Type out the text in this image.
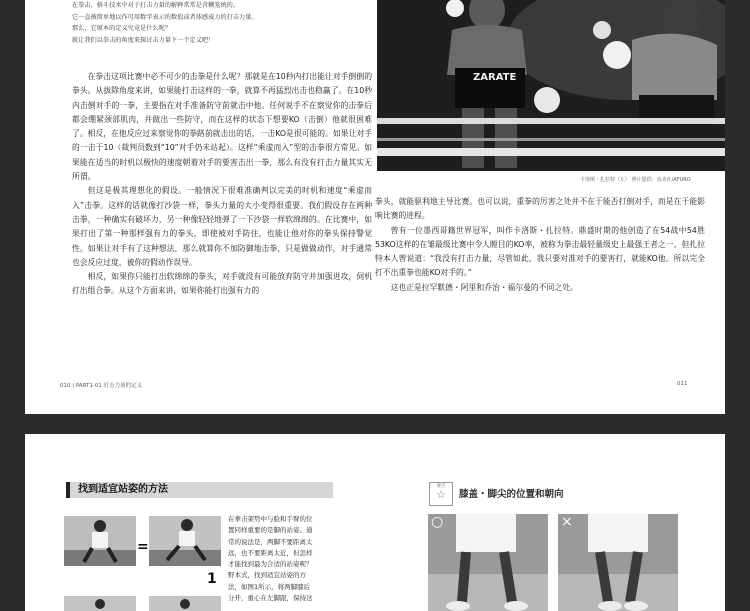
在拳击、格斗技术中对于打击力量的解释常常是含糊笼统的。
它一直被简单地以作可用数字表示的数值或者体感威力的打击力量。
那么，它原本的定义究竟是什么呢？
就让我们以拳击的角度来探讨击力量下一个定义吧！

在拳击这项比赛中必不可少的击拳是什么呢？那就是在10秒内打出能让对手倒倒的拳头。从拔除角度来讲，如果能打击这样的一拳，就算不再猛烈出击也稳赢了。在10秒内击倒对手的一拳，主要指在对手准备防守前就击中他。任何说手不在察觉你的击拳后都会绷紧颈部肌肉，并做出一些防守，而在这样的状态下想要KO（击倒）他就很困难了。相反，在他反应过来察觉你的拳路前就击出的话，一击KO是很可能的。如果让对手的一击于10（裁判员数到“10”对手仍未站起）。这样“乘虚而入”型的击拳很方常见。如果能在适当的时机以极快的速度朝着对手的要害击出一拳，那么有没有打击力量其实无所谓。

但这是极其理想化的假设。一般情况下很难准确判以完美的时机和速度“乘虚而入”击拳。这样的话就像打沙袋一样，拳头力量的大小变得很重要。我们假设存在两种击拳，一种确实有破坏力，另一种像轻轻地弹了一下沙袋一样软绵绵的。在比赛中，如果打出了第一种那样强有力的拳头，即使被对手防住，也能让他对你的拳头保持警觉性。如果让对手有了这种想法，那么就算你不加防御地击拳，只是做做动作，对手通常也会反应过度，被你的假动作误导。

相反，如果你只能打出软绵绵的拳头，对手就没有可能放弃防守并加强进攻，伺机打出组合拳。从这个方面来讲，如果你能打出强有力的

ZARATE
卡洛斯・扎拉特（左） 照片提供：真美社/AFURO

拳头，就能驱利地主导比赛。也可以说，重拳的厉害之处并不在于能否打倒对手，而是在于能影响比赛的进程。

曾有一位墨西哥籍世界冠军，叫作卡洛斯・扎拉特。鼎盛时期的他创造了在54战中54胜53KO这样的在雏最级比赛中令人瞠目的KO率，被称为拳击最轻量级史上最强王者之一。但扎拉特本人曾说道：“我没有打击力量，尽管如此，我只要对准对手的要害打，就能KO他。所以完全打不出重拳也能KO对手的。”

这也正是拉罕默德・阿里和乔治・福尔曼的不同之处。

010 | PART1-01 打击力量的定义	011
找到适宜站姿的方法
=
1
在拳击架势中与脸和手臂的位
置同样重要的是脚的站姿。通
常的说法是，两脚不要距离太
远，也不要距离太近，但怎样
才能找到最为合适的站姿呢？
野本式，找到适宜站姿的方
法，如图1所示，将两脚膝后
分开，重心在左脚跟，保持这
要点
☆	膝盖・脚尖的位置和朝向
○	×
